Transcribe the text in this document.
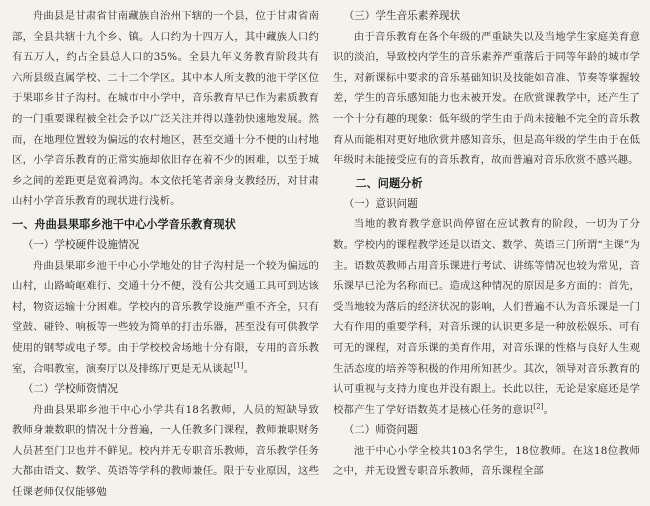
舟曲县是甘肃省甘南藏族自治州下辖的一个县，位于甘肃省南部，全县共辖十九个乡、镇。人口约为十四万人，其中藏族人口约有五万人，约占全县总人口的35%。全县九年义务教育阶段共有六所县级直属学校、二十二个学区。其中本人所支教的池干学区位于果耶乡甘子沟村。在城市中小学中，音乐教育早已作为素质教育的一门重要课程被全社会予以广泛关注并得以蓬勃快速地发展。然而，在地理位置较为偏远的农村地区，甚至交通十分不便的山村地区，小学音乐教育的正常实施却依旧存在着不少的困难，以至于城乡之间的差距更是宽着鸿沟。本文依托笔者亲身支教经历，对甘肃山村小学音乐教育的现状进行浅析。

一、舟曲县果耶乡池干中心小学音乐教育现状
（一）学校硬件设施情况

舟曲县果耶乡池干中心小学地处的甘子沟村是一个较为偏远的山村，山路崎岖难行、交通十分不便，没有公共交通工具可到达该村，物资运输十分困难。学校内的音乐教学设施严重不齐全，只有堂鼓、碰铃、响板等一些较为简单的打击乐器，甚至没有可供教学使用的钢琴或电子琴。由于学校校舍场地十分有限，专用的音乐教室，合唱教室，演奏厅以及排练厅更是无从谈起[1]。

（二）学校师资情况

舟曲县果耶乡池干中心小学共有18名教师，人员的短缺导致教师身兼数职的情况十分普遍，一人任教多门课程，教师兼职财务人员甚至门卫也并不鲜见。校内并无专职音乐教师，音乐教学任务大都由语文、数学、英语等学科的教师兼任。限于专业原因，这些任课老师仅仅能够勉

（三）学生音乐素养现状

由于音乐教育在各个年级的严重缺失以及当地学生家庭美育意识的淡泊，导致校内学生的音乐素养严重落后于同等年龄的城市学生，对新课标中要求的音乐基础知识及技能如音准、节奏等掌握较差，学生的音乐感知能力也未被开发。在欣赏课教学中，还产生了一个十分有趣的现象：低年级的学生由于尚未接触不完全的音乐教育从而能相对更好地欣赏并感知音乐，但是高年级的学生由于在低年级时未能接受应有的音乐教育，故而普遍对音乐欣赏不感兴趣。

二、问题分析
（一）意识问题

当地的教育教学意识尚停留在应试教育的阶段，一切为了分数。学校内的课程教学还是以语文、数学、英语三门所谓“主课”为主。语数英教师占用音乐课进行考试、讲练等情况也较为常见，音乐课早已沦为名称而已。造成这种情况的原因是多方面的：首先，受当地较为落后的经济状况的影响，人们普遍不认为音乐课是一门大有作用的重要学科，对音乐课的认识更多是一种放松娱乐、可有可无的课程，对音乐课的美育作用，对音乐课的性格与良好人生观生活态度的培养等积极的作用所知甚少。其次，领导对音乐教育的认可重视与支持力度也并没有跟上。长此以往，无论是家庭还是学校都产生了学好语数英才是核心任务的意识[2]。

（二）师资问题

池干中心小学全校共103名学生，18位教师。在这18位教师之中，并无设置专职音乐教师，音乐课程全部
